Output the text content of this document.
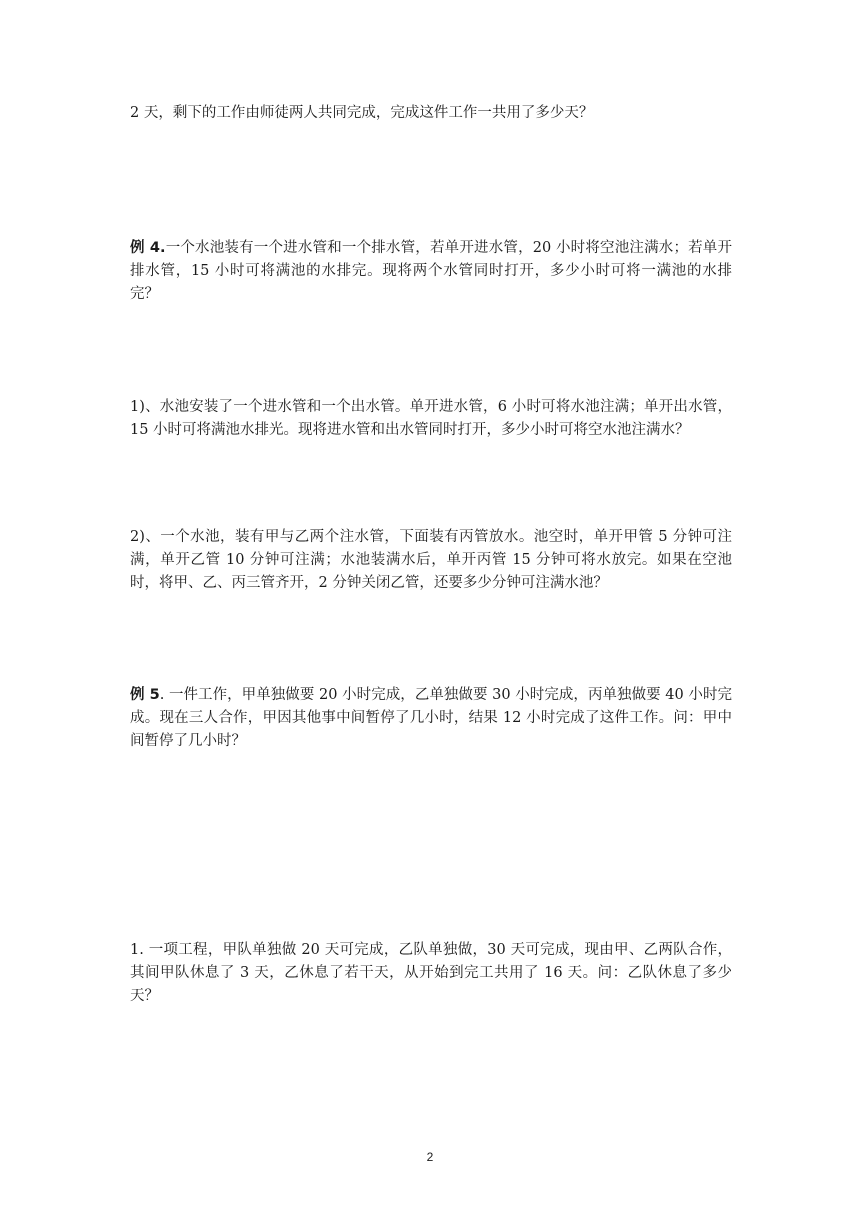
2 天，剩下的工作由师徒两人共同完成，完成这件工作一共用了多少天？

例 4.一个水池装有一个进水管和一个排水管，若单开进水管，20 小时将空池注满水；若单开排水管，15 小时可将满池的水排完。现将两个水管同时打开，多少小时可将一满池的水排完？

1)、水池安装了一个进水管和一个出水管。单开进水管，6 小时可将水池注满；单开出水管，15 小时可将满池水排光。现将进水管和出水管同时打开，多少小时可将空水池注满水？

2)、一个水池，装有甲与乙两个注水管，下面装有丙管放水。池空时，单开甲管 5 分钟可注满，单开乙管 10 分钟可注满；水池装满水后，单开丙管 15 分钟可将水放完。如果在空池时，将甲、乙、丙三管齐开，2 分钟关闭乙管，还要多少分钟可注满水池？

例 5. 一件工作，甲单独做要 20 小时完成，乙单独做要 30 小时完成，丙单独做要 40 小时完成。现在三人合作，甲因其他事中间暂停了几小时，结果 12 小时完成了这件工作。问：甲中间暂停了几小时？

1. 一项工程，甲队单独做 20 天可完成，乙队单独做，30 天可完成，现由甲、乙两队合作，其间甲队休息了 3 天，乙休息了若干天，从开始到完工共用了 16 天。问：乙队休息了多少天？

2
